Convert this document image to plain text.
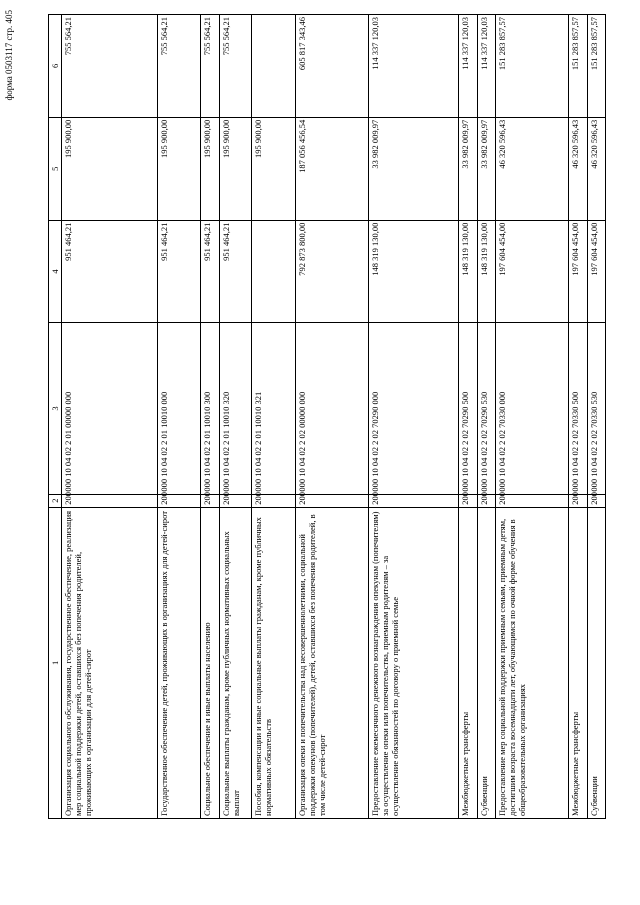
форма 0503117 стр. 405
1	2	3	4	5	6
Организация социального обслуживания, государственное обеспечение, реализация мер социальной поддержки детей, оставшихся без попечения родителей, проживающих в организации для детей-сирот	200	000 10 04 02 2 01 00000 000	951 464,21	195 900,00	755 564,21
Государственное обеспечение детей, проживающих в организациях для детей-сирот	200	000 10 04 02 2 01 10010 000	951 464,21	195 900,00	755 564,21
Социальное обеспечение и иные выплаты населению	200	000 10 04 02 2 01 10010 300	951 464,21	195 900,00	755 564,21
Социальные выплаты гражданам, кроме публичных нормативных социальных выплат	200	000 10 04 02 2 01 10010 320	951 464,21	195 900,00	755 564,21
Пособия, компенсации и иные социальные выплаты гражданам, кроме публичных нормативных обязательств	200	000 10 04 02 2 01 10010 321		195 900,00	
Организация опеки и попечительства над несовершеннолетними, социальной поддержки опекунов (попечителей), детей, оставшихся без попечения родителей, в том числе детей-сирот	200	000 10 04 02 2 02 00000 000	792 873 800,00	187 056 456,54	605 817 343,46
Предоставление ежемесячного денежного вознаграждения опекунам (попечителям) за осуществление опеки или попечительства, приемным родителям – за осуществление обязанностей по договору о приемной семье	200	000 10 04 02 2 02 70290 000	148 319 130,00	33 982 009,97	114 337 120,03
Межбюджетные трансферты	200	000 10 04 02 2 02 70290 500	148 319 130,00	33 982 009,97	114 337 120,03
Субвенции	200	000 10 04 02 2 02 70290 530	148 319 130,00	33 982 009,97	114 337 120,03
Предоставление мер социальной поддержки приемным семьям, приемным детям, достигшим возраста восемнадцати лет, обучающимся по очной форме обучения в общеобразовательных организациях	200	000 10 04 02 2 02 70330 000	197 604 454,00	46 320 596,43	151 283 857,57
Межбюджетные трансферты	200	000 10 04 02 2 02 70330 500	197 604 454,00	46 320 596,43	151 283 857,57
Субвенции	200	000 10 04 02 2 02 70330 530	197 604 454,00	46 320 596,43	151 283 857,57
